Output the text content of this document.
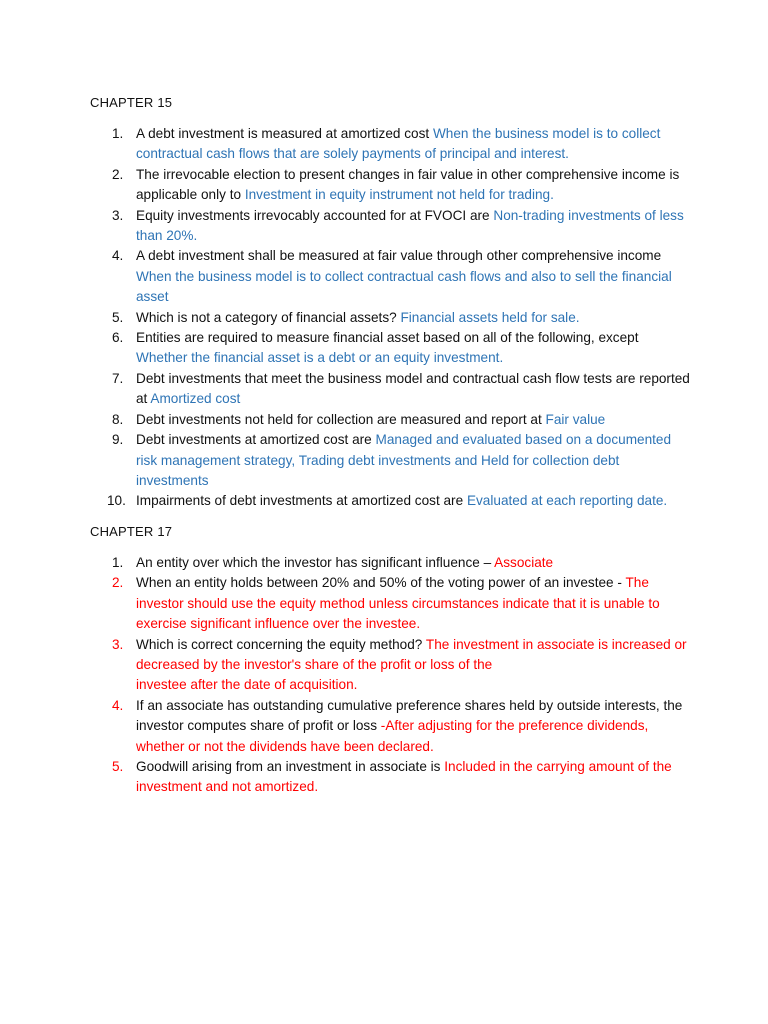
CHAPTER 15
1. A debt investment is measured at amortized cost When the business model is to collect contractual cash flows that are solely payments of principal and interest.
2. The irrevocable election to present changes in fair value in other comprehensive income is applicable only to Investment in equity instrument not held for trading.
3. Equity investments irrevocably accounted for at FVOCI are Non-trading investments of less than 20%.
4. A debt investment shall be measured at fair value through other comprehensive income When the business model is to collect contractual cash flows and also to sell the financial asset
5. Which is not a category of financial assets? Financial assets held for sale.
6. Entities are required to measure financial asset based on all of the following, except Whether the financial asset is a debt or an equity investment.
7. Debt investments that meet the business model and contractual cash flow tests are reported at Amortized cost
8. Debt investments not held for collection are measured and report at Fair value
9. Debt investments at amortized cost are Managed and evaluated based on a documented risk management strategy, Trading debt investments and Held for collection debt investments
10. Impairments of debt investments at amortized cost are Evaluated at each reporting date.
CHAPTER 17
1. An entity over which the investor has significant influence – Associate
2. When an entity holds between 20% and 50% of the voting power of an investee - The investor should use the equity method unless circumstances indicate that it is unable to exercise significant influence over the investee.
3. Which is correct concerning the equity method? The investment in associate is increased or decreased by the investor's share of the profit or loss of the
investee after the date of acquisition.
4. If an associate has outstanding cumulative preference shares held by outside interests, the investor computes share of profit or loss -After adjusting for the preference dividends, whether or not the dividends have been declared.
5. Goodwill arising from an investment in associate is Included in the carrying amount of the investment and not amortized.
